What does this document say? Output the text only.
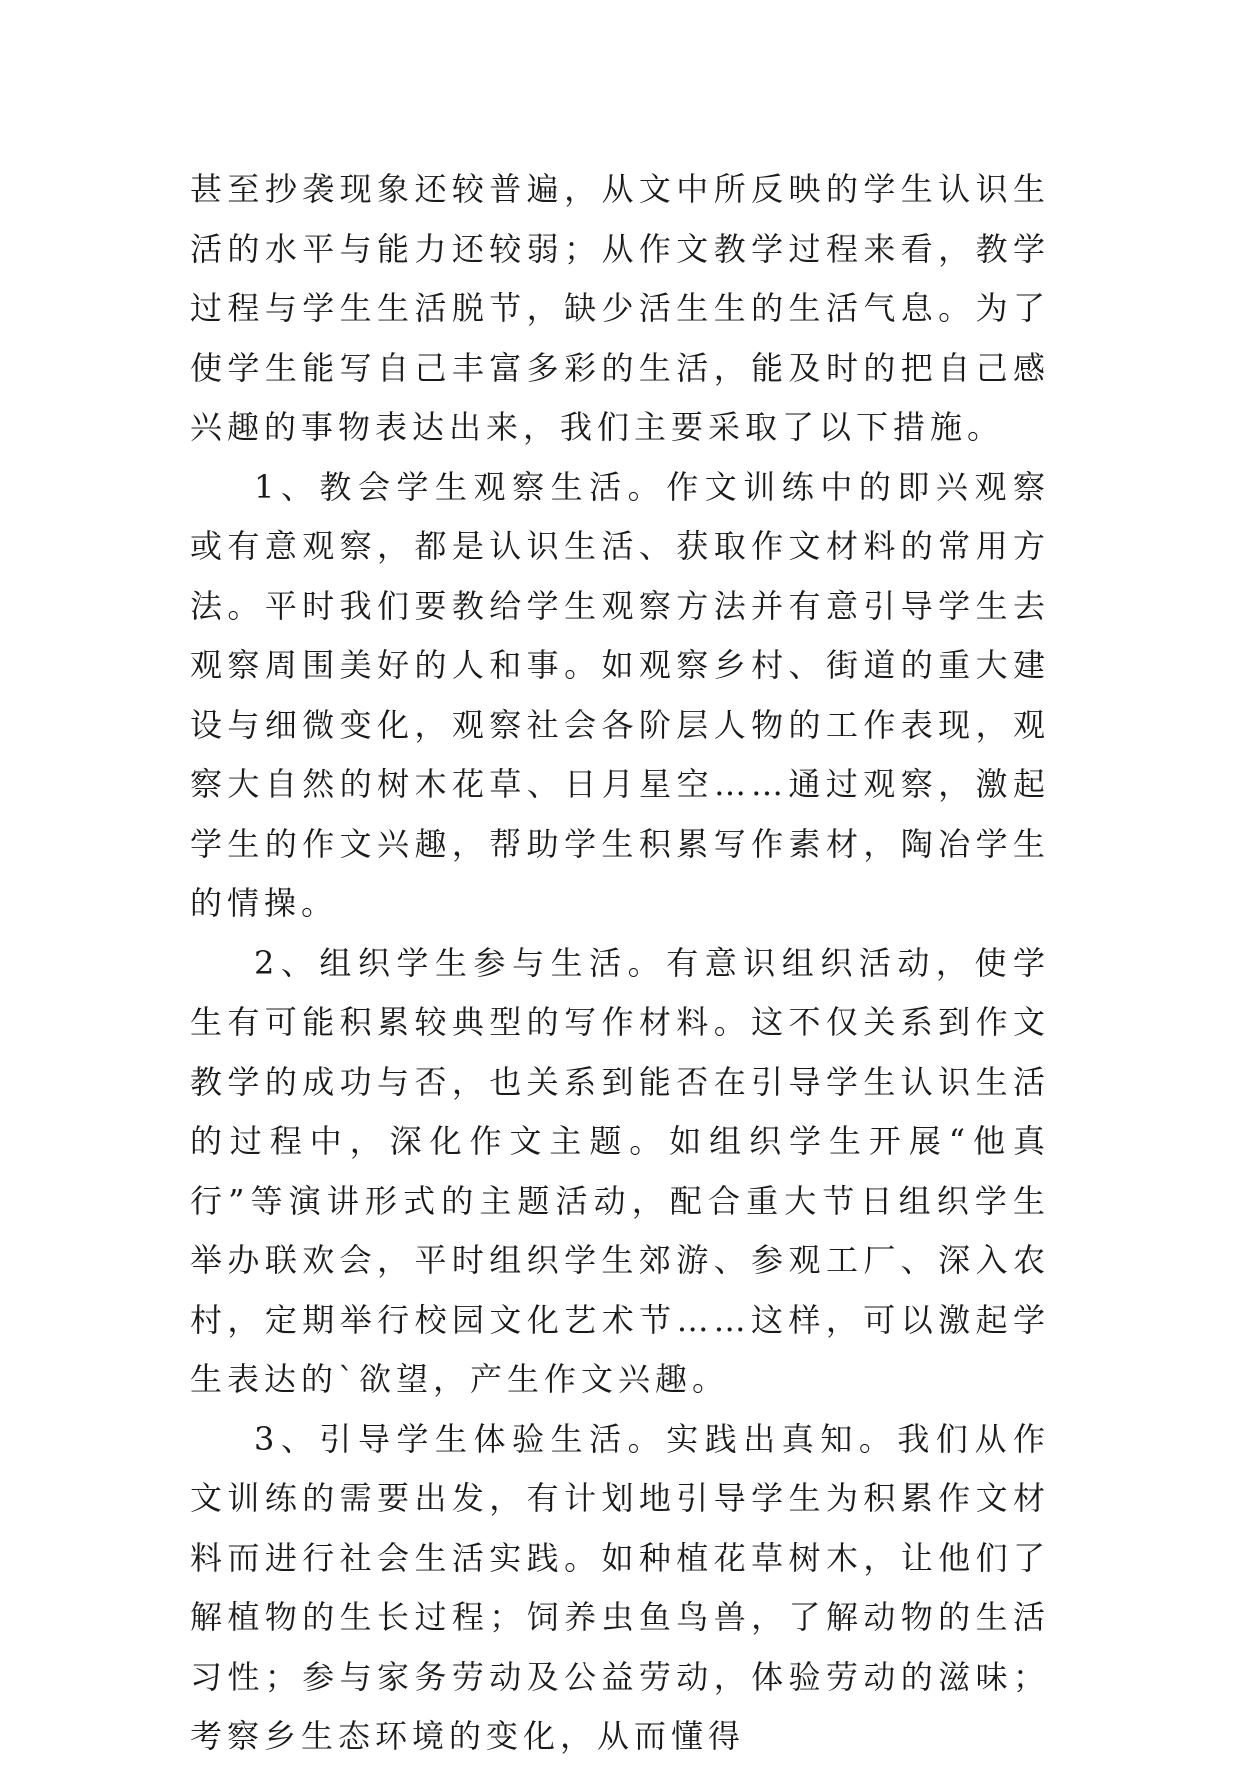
甚至抄袭现象还较普遍，从文中所反映的学生认识生活的水平与能力还较弱；从作文教学过程来看，教学过程与学生生活脱节，缺少活生生的生活气息。为了使学生能写自己丰富多彩的生活，能及时的把自己感兴趣的事物表达出来，我们主要采取了以下措施。

1、教会学生观察生活。作文训练中的即兴观察或有意观察，都是认识生活、获取作文材料的常用方法。平时我们要教给学生观察方法并有意引导学生去观察周围美好的人和事。如观察乡村、街道的重大建设与细微变化，观察社会各阶层人物的工作表现，观察大自然的树木花草、日月星空……通过观察，激起学生的作文兴趣，帮助学生积累写作素材，陶冶学生的情操。

2、组织学生参与生活。有意识组织活动，使学生有可能积累较典型的写作材料。这不仅关系到作文教学的成功与否，也关系到能否在引导学生认识生活的过程中，深化作文主题。如组织学生开展“他真行”等演讲形式的主题活动，配合重大节日组织学生举办联欢会，平时组织学生郊游、参观工厂、深入农村，定期举行校园文化艺术节……这样，可以激起学生表达的`欲望，产生作文兴趣。

3、引导学生体验生活。实践出真知。我们从作文训练的需要出发，有计划地引导学生为积累作文材料而进行社会生活实践。如种植花草树木，让他们了解植物的生长过程；饲养虫鱼鸟兽，了解动物的生活习性；参与家务劳动及公益劳动，体验劳动的滋味；考察乡生态环境的变化，从而懂得
